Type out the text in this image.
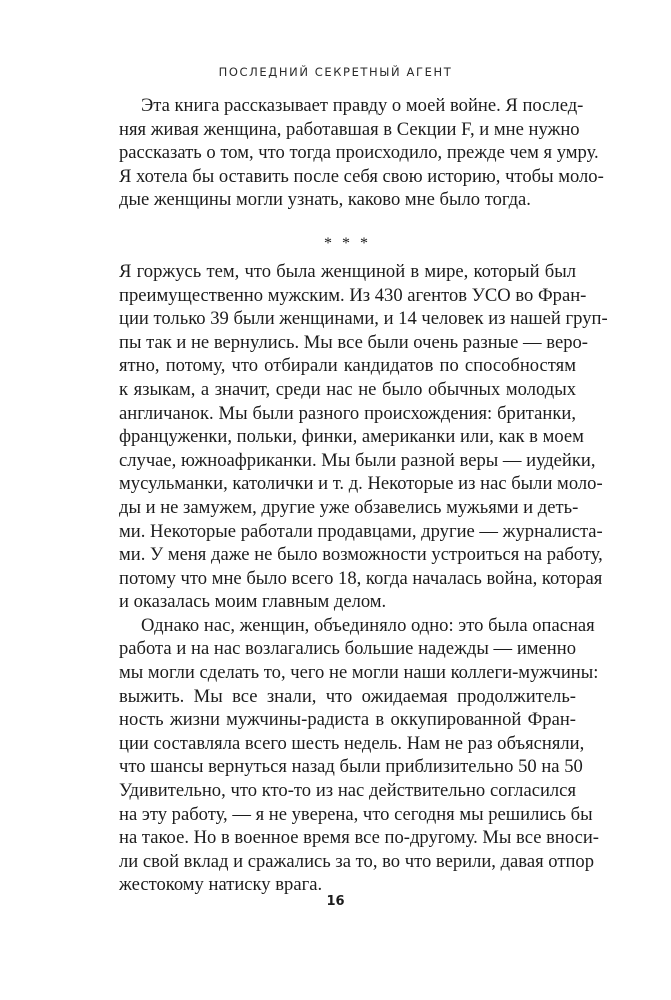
ПОСЛЕДНИЙ СЕКРЕТНЫЙ АГЕНТ
Эта книга рассказывает правду о моей войне. Я послед-
няя живая женщина, работавшая в Секции F, и мне нужно
рассказать о том, что тогда происходило, прежде чем я умру.
Я хотела бы оставить после себя свою историю, чтобы моло-
дые женщины могли узнать, каково мне было тогда.
* * *
Я горжусь тем, что была женщиной в мире, который был
преимущественно мужским. Из 430 агентов УСО во Фран-
ции только 39 были женщинами, и 14 человек из нашей груп-
пы так и не вернулись. Мы все были очень разные — веро-
ятно, потому, что отбирали кандидатов по способностям
к языкам, а значит, среди нас не было обычных молодых
англичанок. Мы были разного происхождения: британки,
француженки, польки, финки, американки или, как в моем
случае, южноафриканки. Мы были разной веры — иудейки,
мусульманки, католички и т. д. Некоторые из нас были моло-
ды и не замужем, другие уже обзавелись мужьями и деть-
ми. Некоторые работали продавцами, другие — журналиста-
ми. У меня даже не было возможности устроиться на работу,
потому что мне было всего 18, когда началась война, которая
и оказалась моим главным делом.
Однако нас, женщин, объединяло одно: это была опасная
работа и на нас возлагались большие надежды — именно
мы могли сделать то, чего не могли наши коллеги-мужчины:
выжить. Мы все знали, что ожидаемая продолжитель-
ность жизни мужчины-радиста в оккупированной Фран-
ции составляла всего шесть недель. Нам не раз объясняли,
что шансы вернуться назад были приблизительно 50 на 50
Удивительно, что кто-то из нас действительно согласился
на эту работу, — я не уверена, что сегодня мы решились бы
на такое. Но в военное время все по-другому. Мы все вноси-
ли свой вклад и сражались за то, во что верили, давая отпор
жестокому натиску врага.
16
